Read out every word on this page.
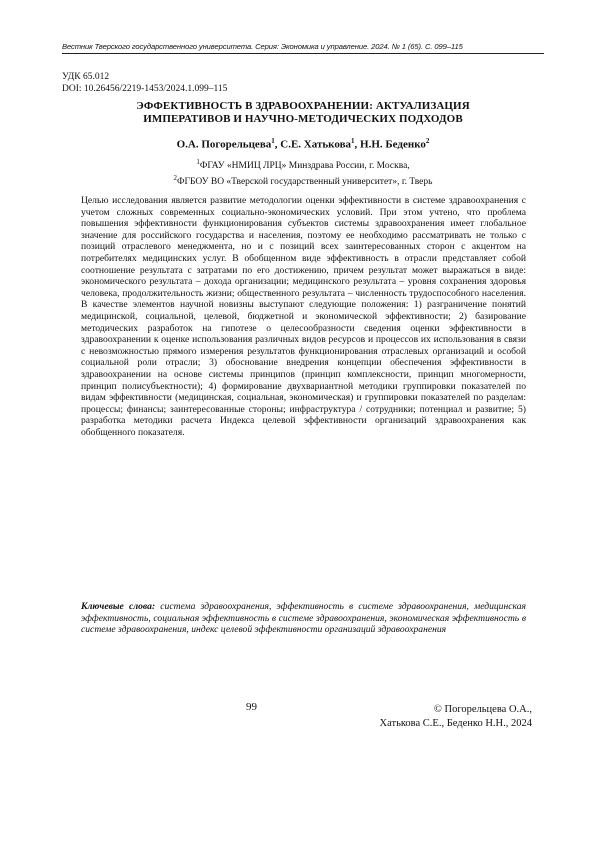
Вестник Тверского государственного университета. Серия: Экономика и управление. 2024. № 1 (65). С. 099–115
УДК 65.012
DOI: 10.26456/2219-1453/2024.1.099–115
ЭФФЕКТИВНОСТЬ В ЗДРАВООХРАНЕНИИ: АКТУАЛИЗАЦИЯ
ИМПЕРАТИВОВ И НАУЧНО-МЕТОДИЧЕСКИХ ПОДХОДОВ
О.А. Погорельцева$^1$, С.Е. Хатькова$^1$, Н.Н. Беденко$^2$
$^1$ФГАУ «НМИЦ ЛРЦ» Минздрава России, г. Москва,
$^2$ФГБОУ ВО «Тверской государственный университет», г. Тверь
Целью исследования является развитие методологии оценки эффективности в системе здравоохранения с учетом сложных современных социально-экономических условий. При этом учтено, что проблема повышения эффективности функционирования субъектов системы здравоохранения имеет глобальное значение для российского государства и населения, поэтому ее необходимо рассматривать не только с позиций отраслевого менеджмента, но и с позиций всех заинтересованных сторон с акцентом на потребителях медицинских услуг. В обобщенном виде эффективность в отрасли представляет собой соотношение результата с затратами по его достижению, причем результат может выражаться в виде: экономического результата – дохода организации; медицинского результата – уровня сохранения здоровья человека, продолжительность жизни; общественного результата – численность трудоспособного населения. В качестве элементов научной новизны выступают следующие положения: 1) разграничение понятий медицинской, социальной, целевой, бюджетной и экономической эффективности; 2) базирование методических разработок на гипотезе о целесообразности сведения оценки эффективности в здравоохранении к оценке использования различных видов ресурсов и процессов их использования в связи с невозможностью прямого измерения результатов функционирования отраслевых организаций и особой социальной роли отрасли; 3) обоснование внедрения концепции обеспечения эффективности в здравоохранении на основе системы принципов (принцип комплексности, принцип многомерности, принцип полисубъектности); 4) формирование двухвариантной методики группировки показателей по видам эффективности (медицинская, социальная, экономическая) и группировки показателей по разделам: процессы; финансы; заинтересованные стороны; инфраструктура / сотрудники; потенциал и развитие; 5) разработка методики расчета Индекса целевой эффективности организаций здравоохранения как обобщенного показателя.
Ключевые слова: система здравоохранения, эффективность в системе здравоохранения, медицинская эффективность, социальная эффективность в системе здравоохранения, экономическая эффективность в системе здравоохранения, индекс целевой эффективности организаций здравоохранения
99	© Погорельцева О.А.,
Хатькова С.Е., Беденко Н.Н., 2024
